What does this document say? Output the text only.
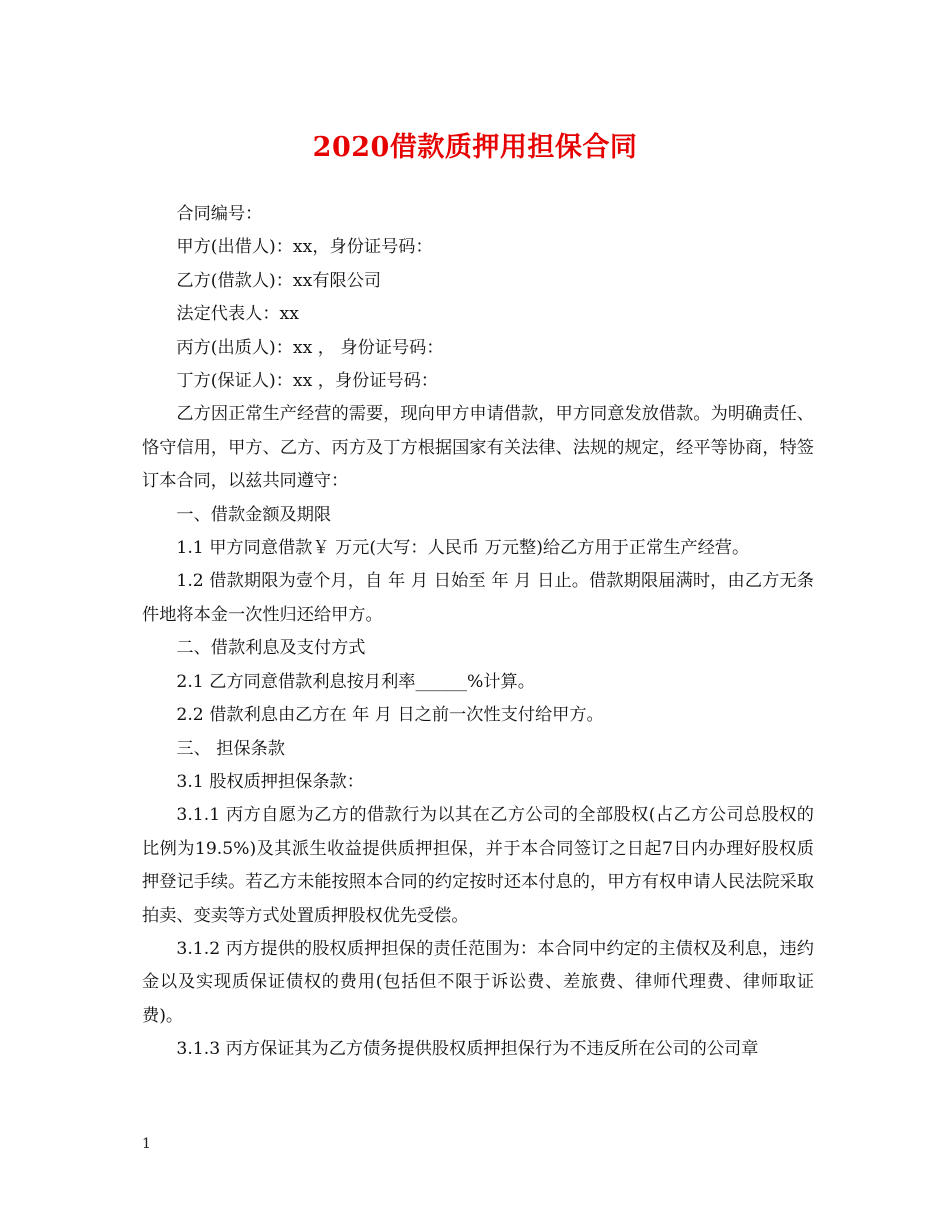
2020借款质押用担保合同

合同编号：

甲方(出借人)：xx，身份证号码：

乙方(借款人)：xx有限公司

法定代表人：xx

丙方(出质人)：xx ， 身份证号码：

丁方(保证人)：xx ，身份证号码：

乙方因正常生产经营的需要，现向甲方申请借款，甲方同意发放借款。为明确责任、恪守信用，甲方、乙方、丙方及丁方根据国家有关法律、法规的规定，经平等协商，特签订本合同，以兹共同遵守：

一、借款金额及期限

1.1 甲方同意借款￥ 万元(大写：人民币 万元整)给乙方用于正常生产经营。

1.2 借款期限为壹个月，自 年 月 日始至 年 月 日止。借款期限届满时，由乙方无条件地将本金一次性归还给甲方。

二、借款利息及支付方式

2.1 乙方同意借款利息按月利率______%计算。

2.2 借款利息由乙方在 年 月 日之前一次性支付给甲方。

三、 担保条款

3.1 股权质押担保条款：

3.1.1 丙方自愿为乙方的借款行为以其在乙方公司的全部股权(占乙方公司总股权的比例为19.5%)及其派生收益提供质押担保，并于本合同签订之日起7日内办理好股权质押登记手续。若乙方未能按照本合同的约定按时还本付息的，甲方有权申请人民法院采取拍卖、变卖等方式处置质押股权优先受偿。

3.1.2 丙方提供的股权质押担保的责任范围为：本合同中约定的主债权及利息，违约金以及实现质保证债权的费用(包括但不限于诉讼费、差旅费、律师代理费、律师取证费)。

3.1.3 丙方保证其为乙方债务提供股权质押担保行为不违反所在公司的公司章

1
